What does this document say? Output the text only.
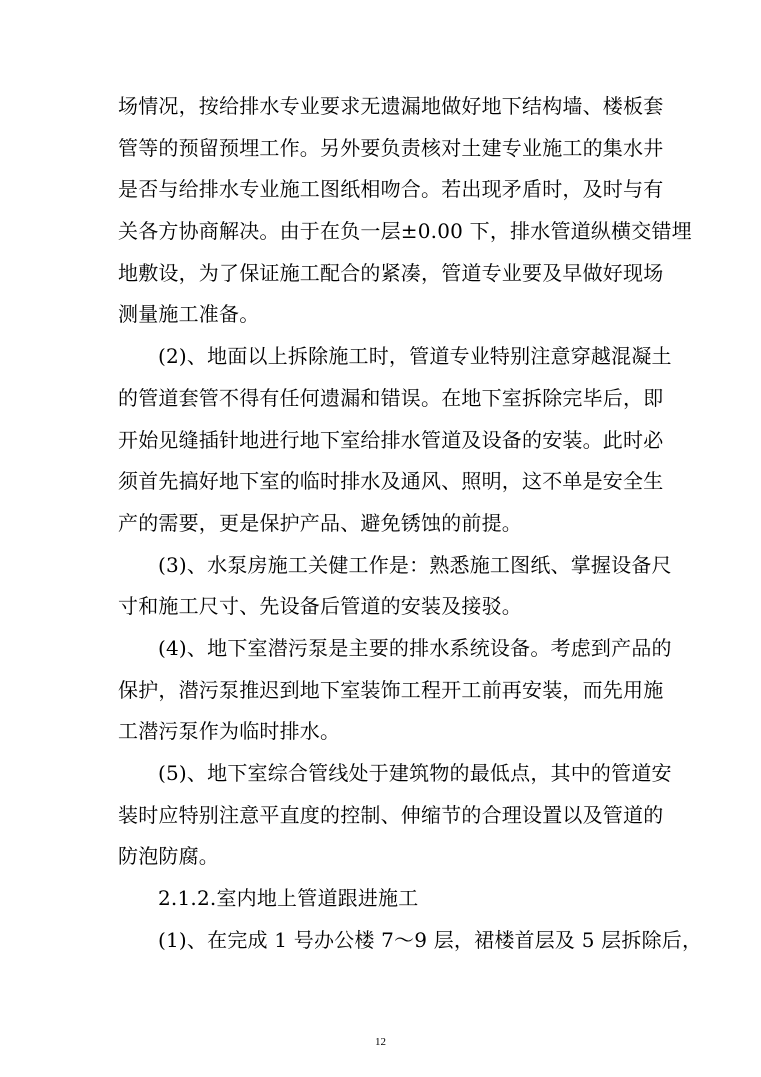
场情况，按给排水专业要求无遗漏地做好地下结构墙、楼板套
管等的预留预埋工作。另外要负责核对土建专业施工的集水井
是否与给排水专业施工图纸相吻合。若出现矛盾时，及时与有
关各方协商解决。由于在负一层±0.00 下，排水管道纵横交错埋
地敷设，为了保证施工配合的紧凑，管道专业要及早做好现场
测量施工准备。
(2)、地面以上拆除施工时，管道专业特别注意穿越混凝土
的管道套管不得有任何遗漏和错误。在地下室拆除完毕后，即
开始见缝插针地进行地下室给排水管道及设备的安装。此时必
须首先搞好地下室的临时排水及通风、照明，这不单是安全生
产的需要，更是保护产品、避免锈蚀的前提。
(3)、水泵房施工关健工作是：熟悉施工图纸、掌握设备尺
寸和施工尺寸、先设备后管道的安装及接驳。
(4)、地下室潜污泵是主要的排水系统设备。考虑到产品的
保护，潜污泵推迟到地下室装饰工程开工前再安装，而先用施
工潜污泵作为临时排水。
(5)、地下室综合管线处于建筑物的最低点，其中的管道安
装时应特别注意平直度的控制、伸缩节的合理设置以及管道的
防泡防腐。
2.1.2.室内地上管道跟进施工
(1)、在完成 1 号办公楼 7～9 层，裙楼首层及 5 层拆除后，
12
